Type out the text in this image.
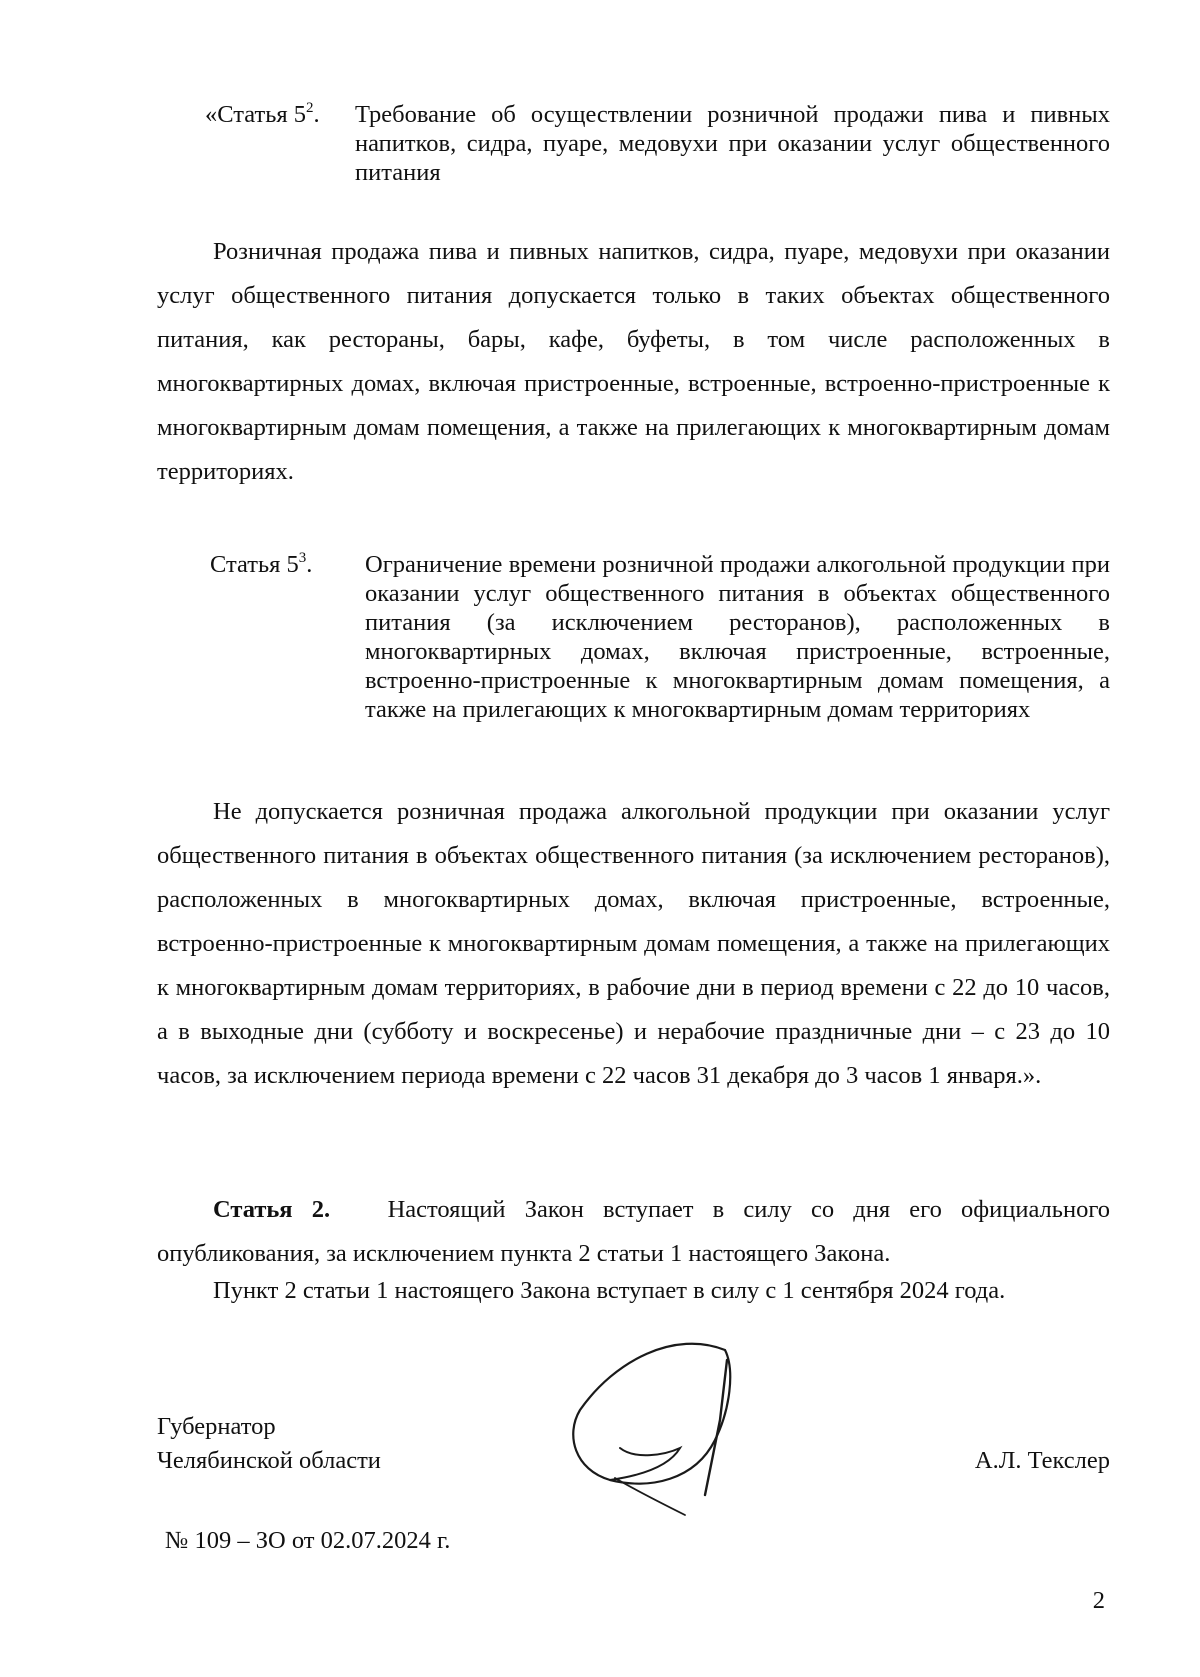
«Статья $5^2$.	Требование об осуществлении розничной продажи пива и пивных напитков, сидра, пуаре, медовухи при оказании услуг общественного питания
Розничная продажа пива и пивных напитков, сидра, пуаре, медовухи при оказании услуг общественного питания допускается только в таких объектах общественного питания, как рестораны, бары, кафе, буфеты, в том числе расположенных в многоквартирных домах, включая пристроенные, встроенные, встроенно-пристроенные к многоквартирным домам помещения, а также на прилегающих к многоквартирным домам территориях.
Статья $5^3$.	Ограничение времени розничной продажи алкогольной продукции при оказании услуг общественного питания в объектах общественного питания (за исключением ресторанов), расположенных в многоквартирных домах, включая пристроенные, встроенные, встроенно-пристроенные к многоквартирным домам помещения, а также на прилегающих к многоквартирным домам территориях
Не допускается розничная продажа алкогольной продукции при оказании услуг общественного питания в объектах общественного питания (за исключением ресторанов), расположенных в многоквартирных домах, включая пристроенные, встроенные, встроенно-пристроенные к многоквартирным домам помещения, а также на прилегающих к многоквартирным домам территориях, в рабочие дни в период времени с 22 до 10 часов, а в выходные дни (субботу и воскресенье) и нерабочие праздничные дни – с 23 до 10 часов, за исключением периода времени с 22 часов 31 декабря до 3 часов 1 января.».
Статья 2. Настоящий Закон вступает в силу со дня его официального опубликования, за исключением пункта 2 статьи 1 настоящего Закона.
Пункт 2 статьи 1 настоящего Закона вступает в силу с 1 сентября 2024 года.
Губернатор
Челябинской области	А.Л. Текслер
№ 109 – ЗО от 02.07.2024 г.
2
